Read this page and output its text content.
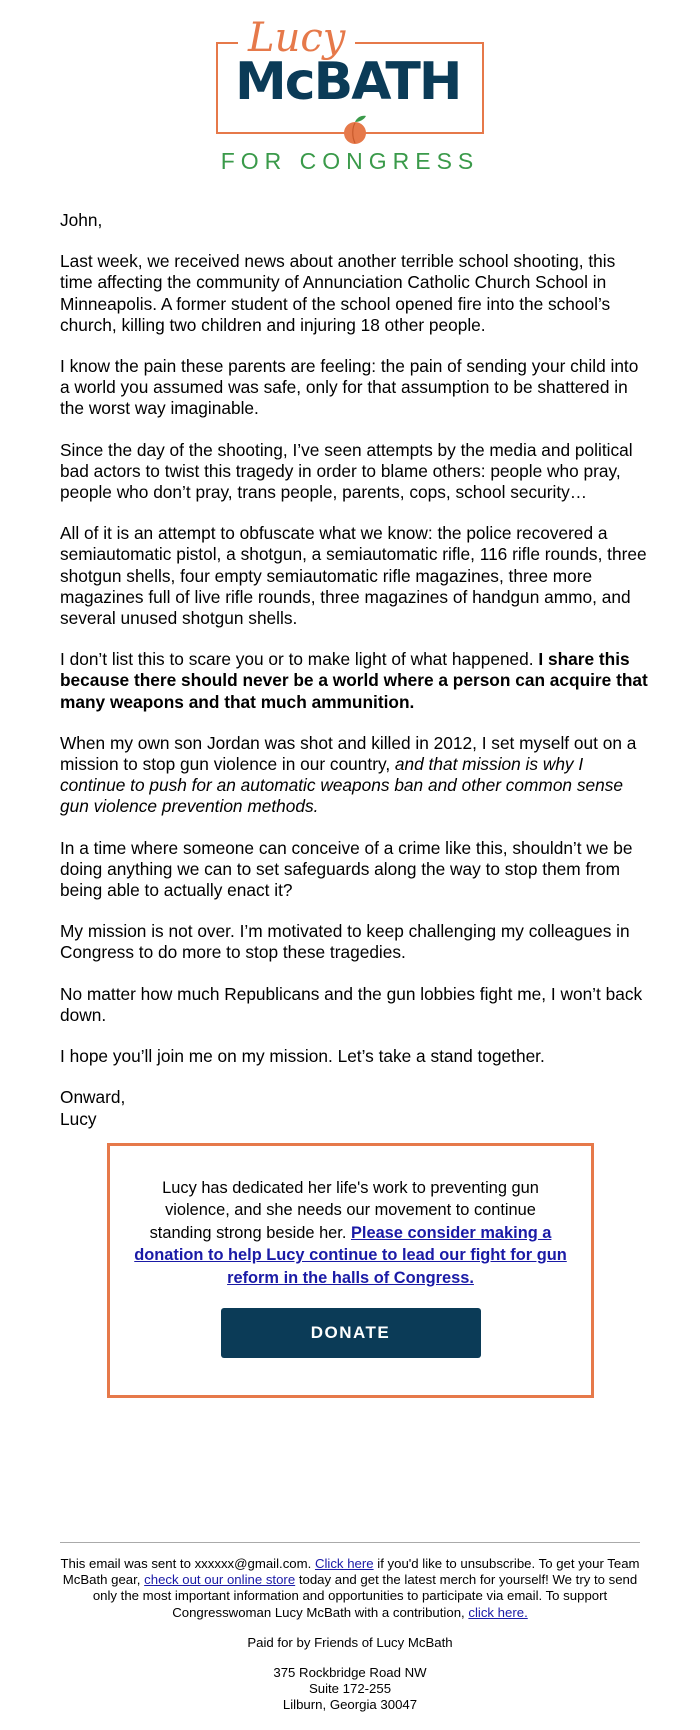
Lucy
McBATH
FOR CONGRESS

John,

Last week, we received news about another terrible school shooting, this time affecting the community of Annunciation Catholic Church School in Minneapolis. A former student of the school opened fire into the school’s church, killing two children and injuring 18 other people.

I know the pain these parents are feeling: the pain of sending your child into a world you assumed was safe, only for that assumption to be shattered in the worst way imaginable.

Since the day of the shooting, I’ve seen attempts by the media and political bad actors to twist this tragedy in order to blame others: people who pray, people who don’t pray, trans people, parents, cops, school security…

All of it is an attempt to obfuscate what we know: the police recovered a semiautomatic pistol, a shotgun, a semiautomatic rifle, 116 rifle rounds, three shotgun shells, four empty semiautomatic rifle magazines, three more magazines full of live rifle rounds, three magazines of handgun ammo, and several unused shotgun shells.

I don’t list this to scare you or to make light of what happened. I share this because there should never be a world where a person can acquire that many weapons and that much ammunition.

When my own son Jordan was shot and killed in 2012, I set myself out on a mission to stop gun violence in our country, and that mission is why I continue to push for an automatic weapons ban and other common sense gun violence prevention methods.

In a time where someone can conceive of a crime like this, shouldn’t we be doing anything we can to set safeguards along the way to stop them from being able to actually enact it?

My mission is not over. I’m motivated to keep challenging my colleagues in Congress to do more to stop these tragedies.

No matter how much Republicans and the gun lobbies fight me, I won’t back down.

I hope you’ll join me on my mission. Let’s take a stand together.

Onward,
Lucy

Lucy has dedicated her life's work to preventing gun violence, and she needs our movement to continue standing strong beside her. Please consider making a donation to help Lucy continue to lead our fight for gun reform in the halls of Congress.

DONATE

This email was sent to xxxxxx@gmail.com. Click here if you'd like to unsubscribe. To get your Team McBath gear, check out our online store today and get the latest merch for yourself! We try to send only the most important information and opportunities to participate via email. To support Congresswoman Lucy McBath with a contribution, click here.

Paid for by Friends of Lucy McBath

375 Rockbridge Road NW
Suite 172-255
Lilburn, Georgia 30047
